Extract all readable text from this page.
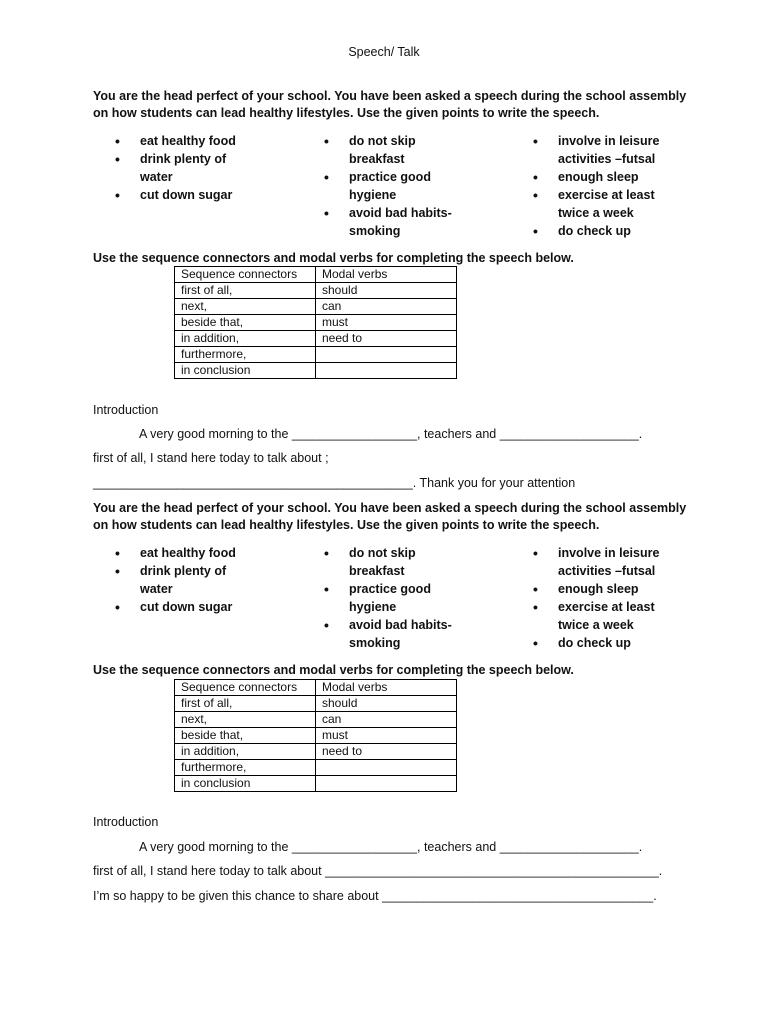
Speech/ Talk
You are the head perfect of your school. You have been asked a speech during the school assembly on how students can lead healthy lifestyles. Use the given points to write the speech.
• eat healthy food
• drink plenty of water
• cut down sugar
• do not skip breakfast
• practice good hygiene
• avoid bad habits- smoking
• involve in leisure activities –futsal
• enough sleep
• exercise at least twice a week
• do check up
Use the sequence connectors and modal verbs for completing the speech below.
Sequence connectors	Modal verbs
first of all,	should
next,	can
beside that,	must
in addition,	need to
furthermore,	
in conclusion	
Introduction
A very good morning to the __________________, teachers and ____________________.
first of all, I stand here today to talk about ;
______________________________________________. Thank you for your attention
You are the head perfect of your school. You have been asked a speech during the school assembly on how students can lead healthy lifestyles. Use the given points to write the speech.
• eat healthy food
• drink plenty of water
• cut down sugar
• do not skip breakfast
• practice good hygiene
• avoid bad habits- smoking
• involve in leisure activities –futsal
• enough sleep
• exercise at least twice a week
• do check up
Use the sequence connectors and modal verbs for completing the speech below.
Sequence connectors	Modal verbs
first of all,	should
next,	can
beside that,	must
in addition,	need to
furthermore,	
in conclusion	
Introduction
A very good morning to the __________________, teachers and ____________________.
first of all, I stand here today to talk about ________________________________________________.
I’m so happy to be given this chance to share about _______________________________________.
